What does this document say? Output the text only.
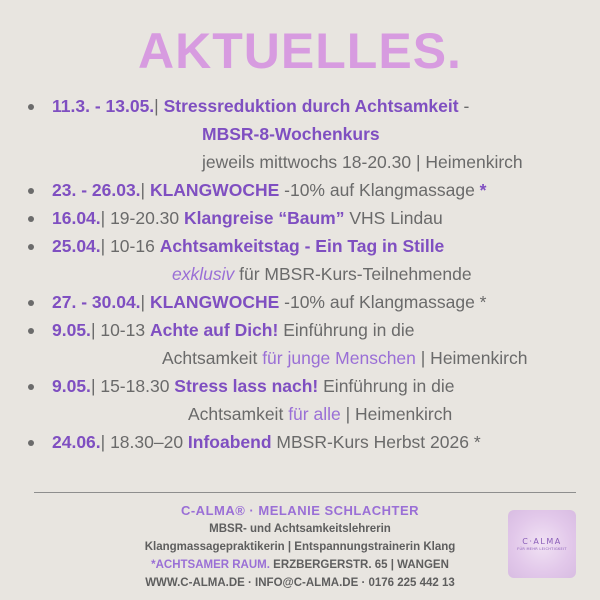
AKTUELLES.
11.3. - 13.05.| Stressreduktion durch Achtsamkeit -
MBSR-8-Wochenkurs
jeweils mittwochs 18-20.30 | Heimenkirch
23. - 26.03.| KLANGWOCHE -10% auf Klangmassage *
16.04.| 19-20.30 Klangreise “Baum” VHS Lindau
25.04.| 10-16 Achtsamkeitstag - Ein Tag in Stille
exklusiv für MBSR-Kurs-Teilnehmende
27. - 30.04.| KLANGWOCHE -10% auf Klangmassage *
9.05.| 10-13 Achte auf Dich! Einführung in die
Achtsamkeit für junge Menschen | Heimenkirch
9.05.| 15-18.30 Stress lass nach! Einführung in die
Achtsamkeit für alle | Heimenkirch
24.06.| 18.30–20 Infoabend MBSR-Kurs Herbst 2026 *
C-ALMA® · MELANIE SCHLACHTER
MBSR- und Achtsamkeitslehrerin
Klangmassagepraktikerin | Entspannungstrainerin Klang
*ACHTSAMER RAUM. ERZBERGERSTR. 65 | WANGEN
WWW.C-ALMA.DE · INFO@C-ALMA.DE · 0176 225 442 13
C·ALMA
FÜR MEHR LEICHTIGKEIT
